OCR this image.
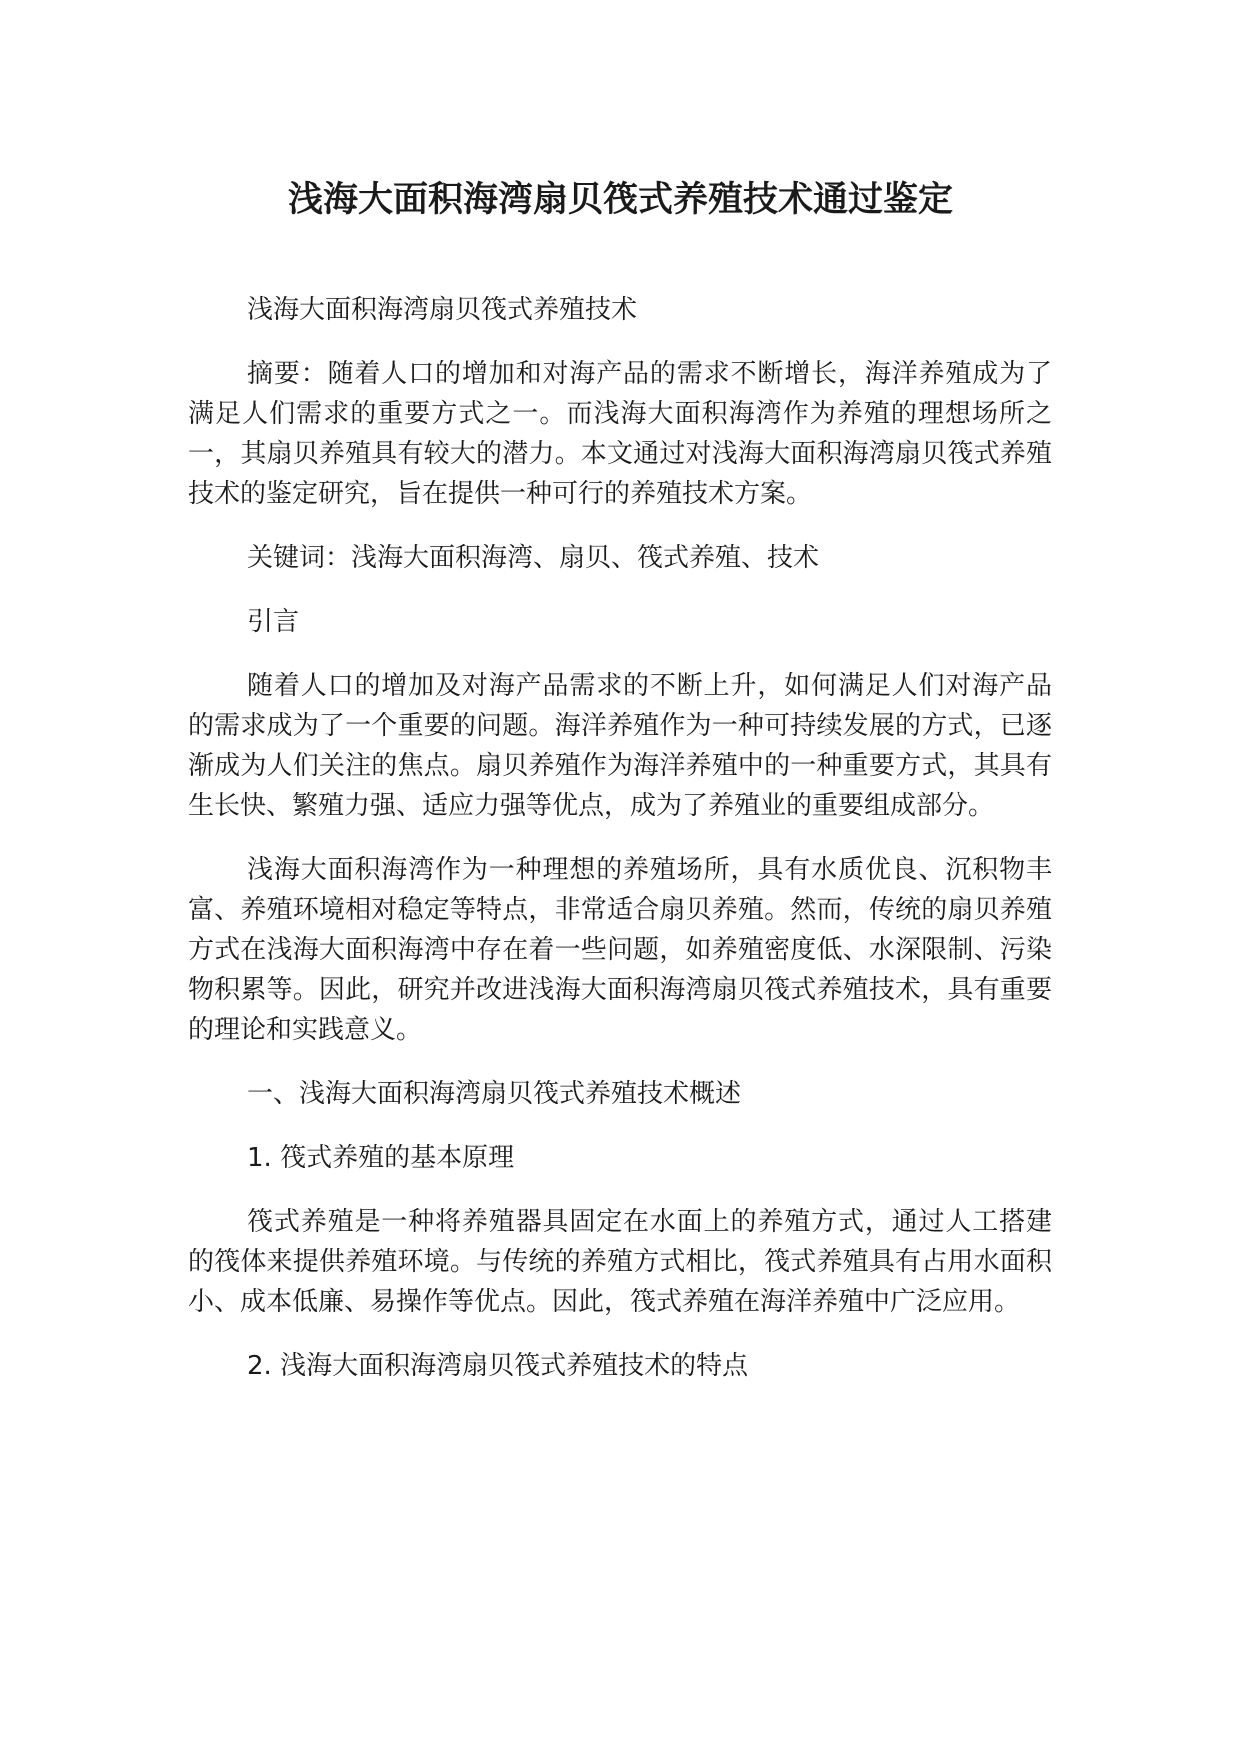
浅海大面积海湾扇贝筏式养殖技术通过鉴定

浅海大面积海湾扇贝筏式养殖技术

摘要：随着人口的增加和对海产品的需求不断增长，海洋养殖成为了满足人们需求的重要方式之一。而浅海大面积海湾作为养殖的理想场所之一，其扇贝养殖具有较大的潜力。本文通过对浅海大面积海湾扇贝筏式养殖技术的鉴定研究，旨在提供一种可行的养殖技术方案。

关键词：浅海大面积海湾、扇贝、筏式养殖、技术

引言

随着人口的增加及对海产品需求的不断上升，如何满足人们对海产品的需求成为了一个重要的问题。海洋养殖作为一种可持续发展的方式，已逐渐成为人们关注的焦点。扇贝养殖作为海洋养殖中的一种重要方式，其具有生长快、繁殖力强、适应力强等优点，成为了养殖业的重要组成部分。

浅海大面积海湾作为一种理想的养殖场所，具有水质优良、沉积物丰富、养殖环境相对稳定等特点，非常适合扇贝养殖。然而，传统的扇贝养殖方式在浅海大面积海湾中存在着一些问题，如养殖密度低、水深限制、污染物积累等。因此，研究并改进浅海大面积海湾扇贝筏式养殖技术，具有重要的理论和实践意义。

一、浅海大面积海湾扇贝筏式养殖技术概述

1. 筏式养殖的基本原理

筏式养殖是一种将养殖器具固定在水面上的养殖方式，通过人工搭建的筏体来提供养殖环境。与传统的养殖方式相比，筏式养殖具有占用水面积小、成本低廉、易操作等优点。因此，筏式养殖在海洋养殖中广泛应用。

2. 浅海大面积海湾扇贝筏式养殖技术的特点
